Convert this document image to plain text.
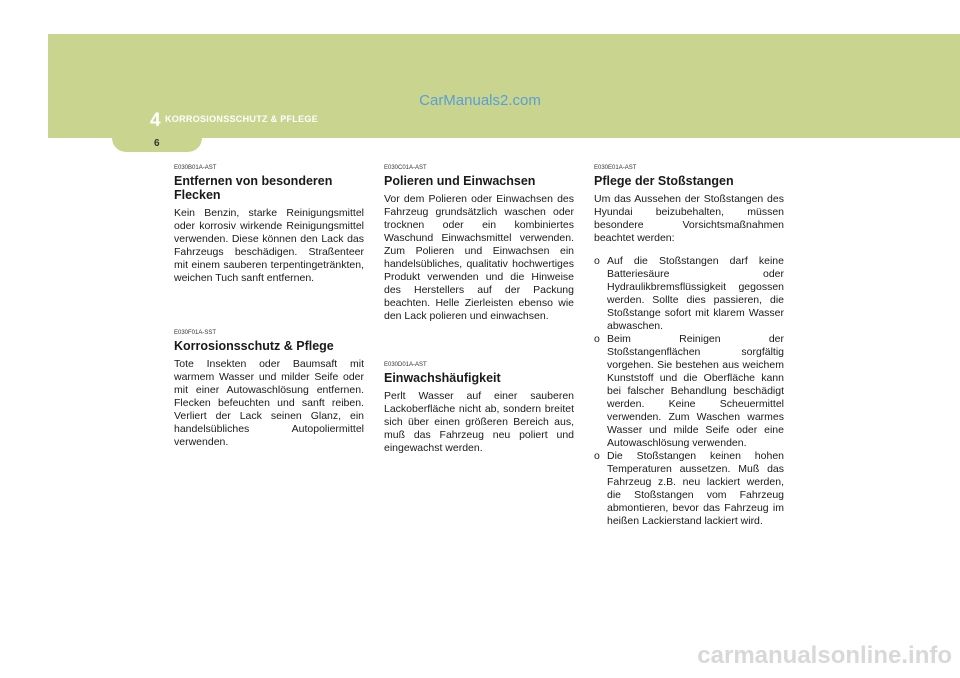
CarManuals2.com
4 KORROSIONSSCHUTZ & PFLEGE
6

E030B01A-AST

Entfernen von besonderen Flecken

Kein Benzin, starke Reinigungsmittel oder korrosiv wirkende Reinigungsmittel verwenden. Diese können den Lack das Fahrzeugs beschädigen. Straßenteer mit einem sauberen terpentingetränkten, weichen Tuch sanft entfernen.

E030F01A-SST

Korrosionsschutz & Pflege

Tote Insekten oder Baumsaft mit warmem Wasser und milder Seife oder mit einer Autowaschlösung entfernen. Flecken befeuchten und sanft reiben. Verliert der Lack seinen Glanz, ein handelsübliches Autopoliermittel verwenden.

E030C01A-AST

Polieren und Einwachsen

Vor dem Polieren oder Einwachsen des Fahrzeug grundsätzlich waschen oder trocknen oder ein kombiniertes Waschund Einwachsmittel verwenden. Zum Polieren und Einwachsen ein handelsübliches, qualitativ hochwertiges Produkt verwenden und die Hinweise des Herstellers auf der Packung beachten. Helle Zierleisten ebenso wie den Lack polieren und einwachsen.

E030D01A-AST

Einwachshäufigkeit

Perlt Wasser auf einer sauberen Lackoberfläche nicht ab, sondern breitet sich über einen größeren Bereich aus, muß das Fahrzeug neu poliert und eingewachst werden.

E030E01A-AST

Pflege der Stoßstangen

Um das Aussehen der Stoßstangen des Hyundai beizubehalten, müssen besondere Vorsichtsmaßnahmen beachtet werden:

o Auf die Stoßstangen darf keine Batteriesäure oder Hydraulikbremsflüssigkeit gegossen werden. Sollte dies passieren, die Stoßstange sofort mit klarem Wasser abwaschen.
o Beim Reinigen der Stoßstangenflächen sorgfältig vorgehen. Sie bestehen aus weichem Kunststoff und die Oberfläche kann bei falscher Behandlung beschädigt werden. Keine Scheuermittel verwenden. Zum Waschen warmes Wasser und milde Seife oder eine Autowaschlösung verwenden.
o Die Stoßstangen keinen hohen Temperaturen aussetzen. Muß das Fahrzeug z.B. neu lackiert werden, die Stoßstangen vom Fahrzeug abmontieren, bevor das Fahrzeug im heißen Lackierstand lackiert wird.
carmanualsonline.info
